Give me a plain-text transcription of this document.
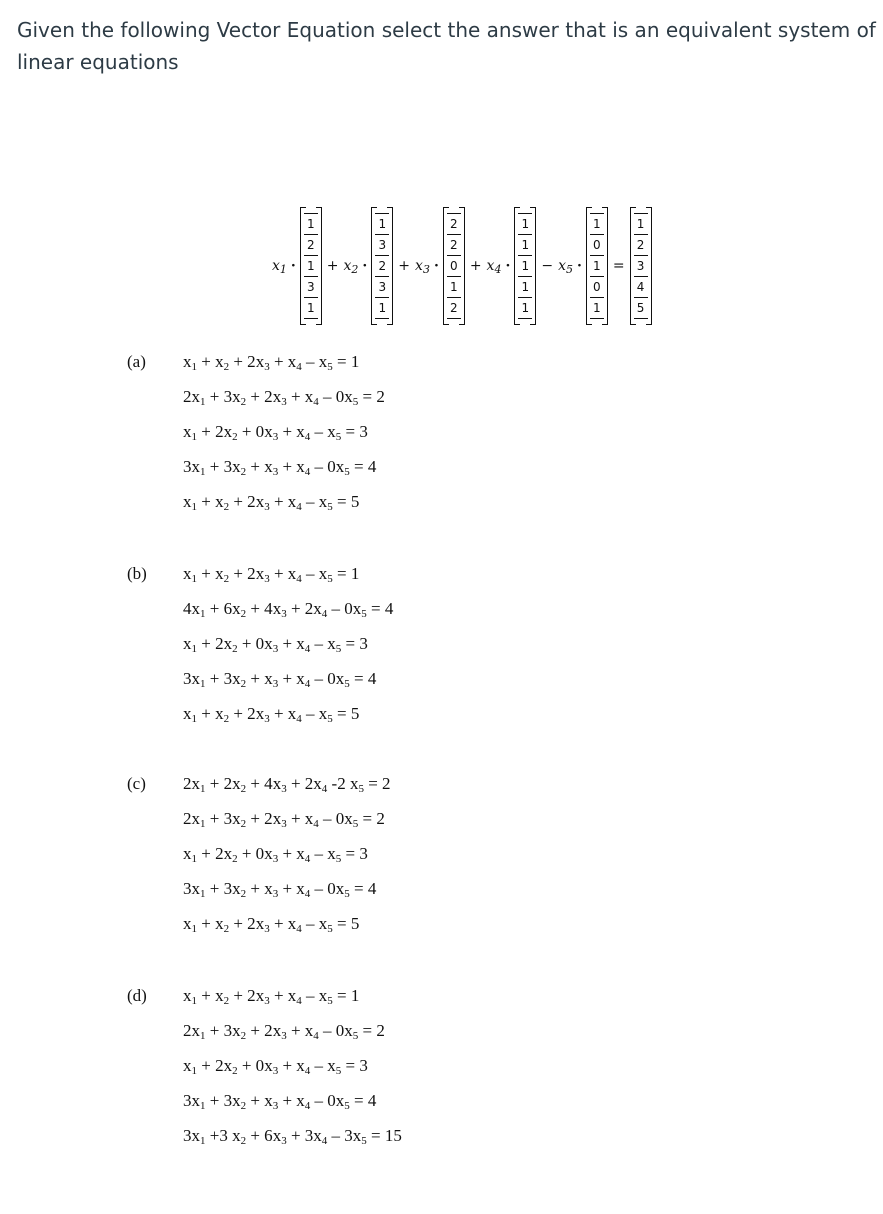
Given the following Vector Equation select the answer that is an equivalent system of linear equations
$x_1$ ·
1
2
1
3
1
+ $x_2$ ·
1
3
2
3
1
+ $x_3$ ·
2
2
0
1
2
+ $x_4$ ·
1
1
1
1
1
− $x_5$ ·
1
0
1
0
1
=
1
2
3
4
5
(a) $x_1 + x_2 + 2x_3 + x_4 - x_5 = 1$
$2x_1 + 3x_2 + 2x_3 + x_4 - 0x_5 = 2$
$x_1 + 2x_2 + 0x_3 + x_4 - x_5 = 3$
$3x_1 + 3x_2 + x_3 + x_4 - 0x_5 = 4$
$x_1 + x_2 + 2x_3 + x_4 - x_5 = 5$
(b) $x_1 + x_2 + 2x_3 + x_4 - x_5 = 1$
$4x_1 + 6x_2 + 4x_3 + 2x_4 - 0x_5 = 4$
$x_1 + 2x_2 + 0x_3 + x_4 - x_5 = 3$
$3x_1 + 3x_2 + x_3 + x_4 - 0x_5 = 4$
$x_1 + x_2 + 2x_3 + x_4 - x_5 = 5$
(c) $2x_1 + 2x_2 + 4x_3 + 2x_4$ -2 $x_5 = 2$
$2x_1 + 3x_2 + 2x_3 + x_4 - 0x_5 = 2$
$x_1 + 2x_2 + 0x_3 + x_4 - x_5 = 3$
$3x_1 + 3x_2 + x_3 + x_4 - 0x_5 = 4$
$x_1 + x_2 + 2x_3 + x_4 - x_5 = 5$
(d) $x_1 + x_2 + 2x_3 + x_4 - x_5 = 1$
$2x_1 + 3x_2 + 2x_3 + x_4 - 0x_5 = 2$
$x_1 + 2x_2 + 0x_3 + x_4 - x_5 = 3$
$3x_1 + 3x_2 + x_3 + x_4 - 0x_5 = 4$
$3x_1 +3$ $x_2 + 6x_3 + 3x_4 - 3x_5 = 15$
